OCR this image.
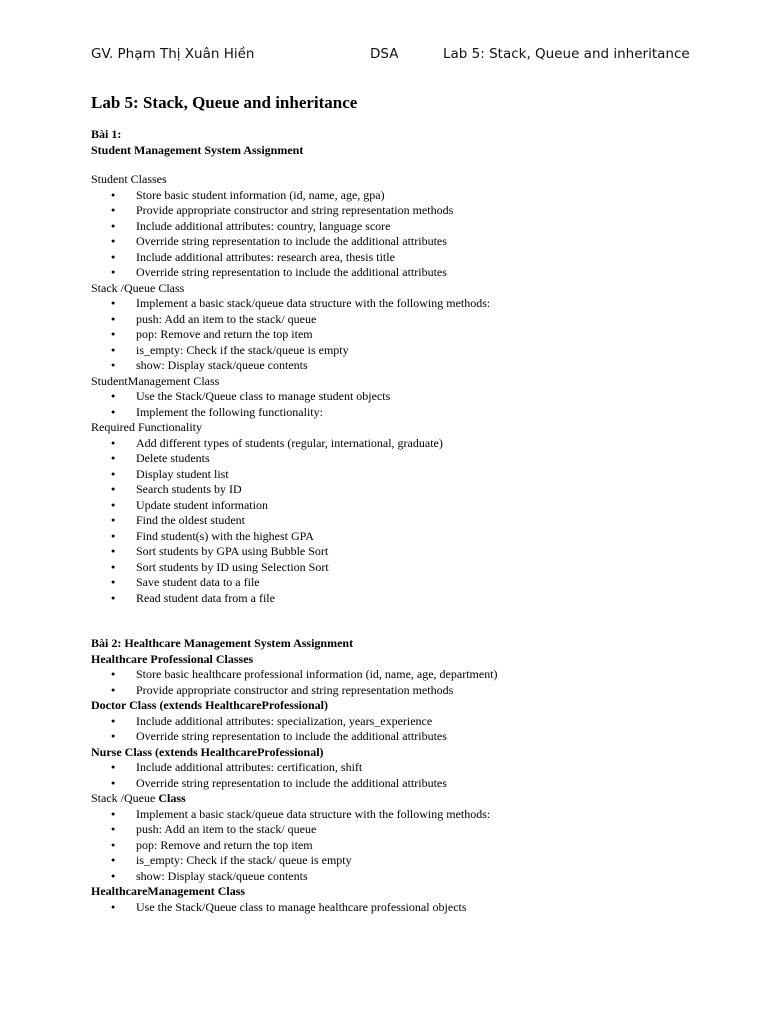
GV. Phạm Thị Xuân Hiền	DSA	Lab 5: Stack, Queue and inheritance
Lab 5: Stack, Queue and inheritance
Bài 1:
Student Management System Assignment
Student Classes
● Store basic student information (id, name, age, gpa)
● Provide appropriate constructor and string representation methods
● Include additional attributes: country, language score
● Override string representation to include the additional attributes
● Include additional attributes: research area, thesis title
● Override string representation to include the additional attributes
Stack /Queue Class
● Implement a basic stack/queue data structure with the following methods:
● push: Add an item to the stack/ queue
● pop: Remove and return the top item
● is_empty: Check if the stack/queue is empty
● show: Display stack/queue contents
StudentManagement Class
● Use the Stack/Queue class to manage student objects
● Implement the following functionality:
Required Functionality
● Add different types of students (regular, international, graduate)
● Delete students
● Display student list
● Search students by ID
● Update student information
● Find the oldest student
● Find student(s) with the highest GPA
● Sort students by GPA using Bubble Sort
● Sort students by ID using Selection Sort
● Save student data to a file
● Read student data from a file
Bài 2: Healthcare Management System Assignment
Healthcare Professional Classes
● Store basic healthcare professional information (id, name, age, department)
● Provide appropriate constructor and string representation methods
Doctor Class (extends HealthcareProfessional)
● Include additional attributes: specialization, years_experience
● Override string representation to include the additional attributes
Nurse Class (extends HealthcareProfessional)
● Include additional attributes: certification, shift
● Override string representation to include the additional attributes
Stack /Queue Class
● Implement a basic stack/queue data structure with the following methods:
● push: Add an item to the stack/ queue
● pop: Remove and return the top item
● is_empty: Check if the stack/ queue is empty
● show: Display stack/queue contents
HealthcareManagement Class
● Use the Stack/Queue class to manage healthcare professional objects
